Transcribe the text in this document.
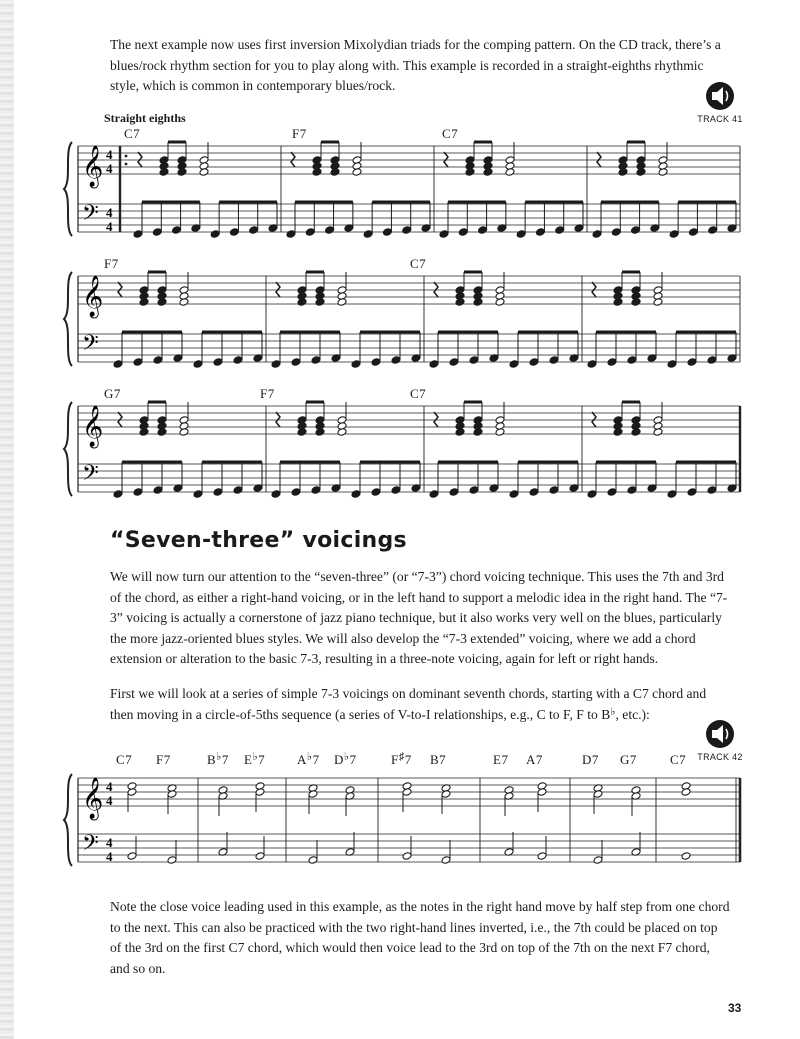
The next example now uses first inversion Mixolydian triads for the comping pattern. On the CD track, there’s a blues/rock rhythm section for you to play along with. This example is recorded in a straight-eighths rhythmic style, which is common in contemporary blues/rock.

TRACK 41
Straight eighths
C7	F7	C7
F7	C7
G7	F7	C7
“Seven-three” voicings

We will now turn our attention to the “seven-three” (or “7-3”) chord voicing technique. This uses the 7th and 3rd of the chord, as either a right-hand voicing, or in the left hand to support a melodic idea in the right hand. The “7-3” voicing is actually a cornerstone of jazz piano technique, but it also works very well on the blues, particularly the more jazz-oriented blues styles. We will also develop the “7-3 extended” voicing, where we add a chord extension or alteration to the basic 7-3, resulting in a three-note voicing, again for left or right hands.

First we will look at a series of simple 7-3 voicings on dominant seventh chords, starting with a C7 chord and then moving in a circle-of-5ths sequence (a series of V-to-I relationships, e.g., C to F, F to B♭, etc.):

TRACK 42
C7 F7	B♭7 E♭7 A♭7 D♭7	F♯7 B7	E7 A7	D7 G7	C7
𝄞
𝄢
4
4
4
4
𝄞
𝄢
𝄞
𝄢
𝄞
𝄢
4
4
4
4

Note the close voice leading used in this example, as the notes in the right hand move by half step from one chord to the next. This can also be practiced with the two right-hand lines inverted, i.e., the 7th could be placed on top of the 3rd on the first C7 chord, which would then voice lead to the 3rd on top of the 7th on the next F7 chord, and so on.

33
